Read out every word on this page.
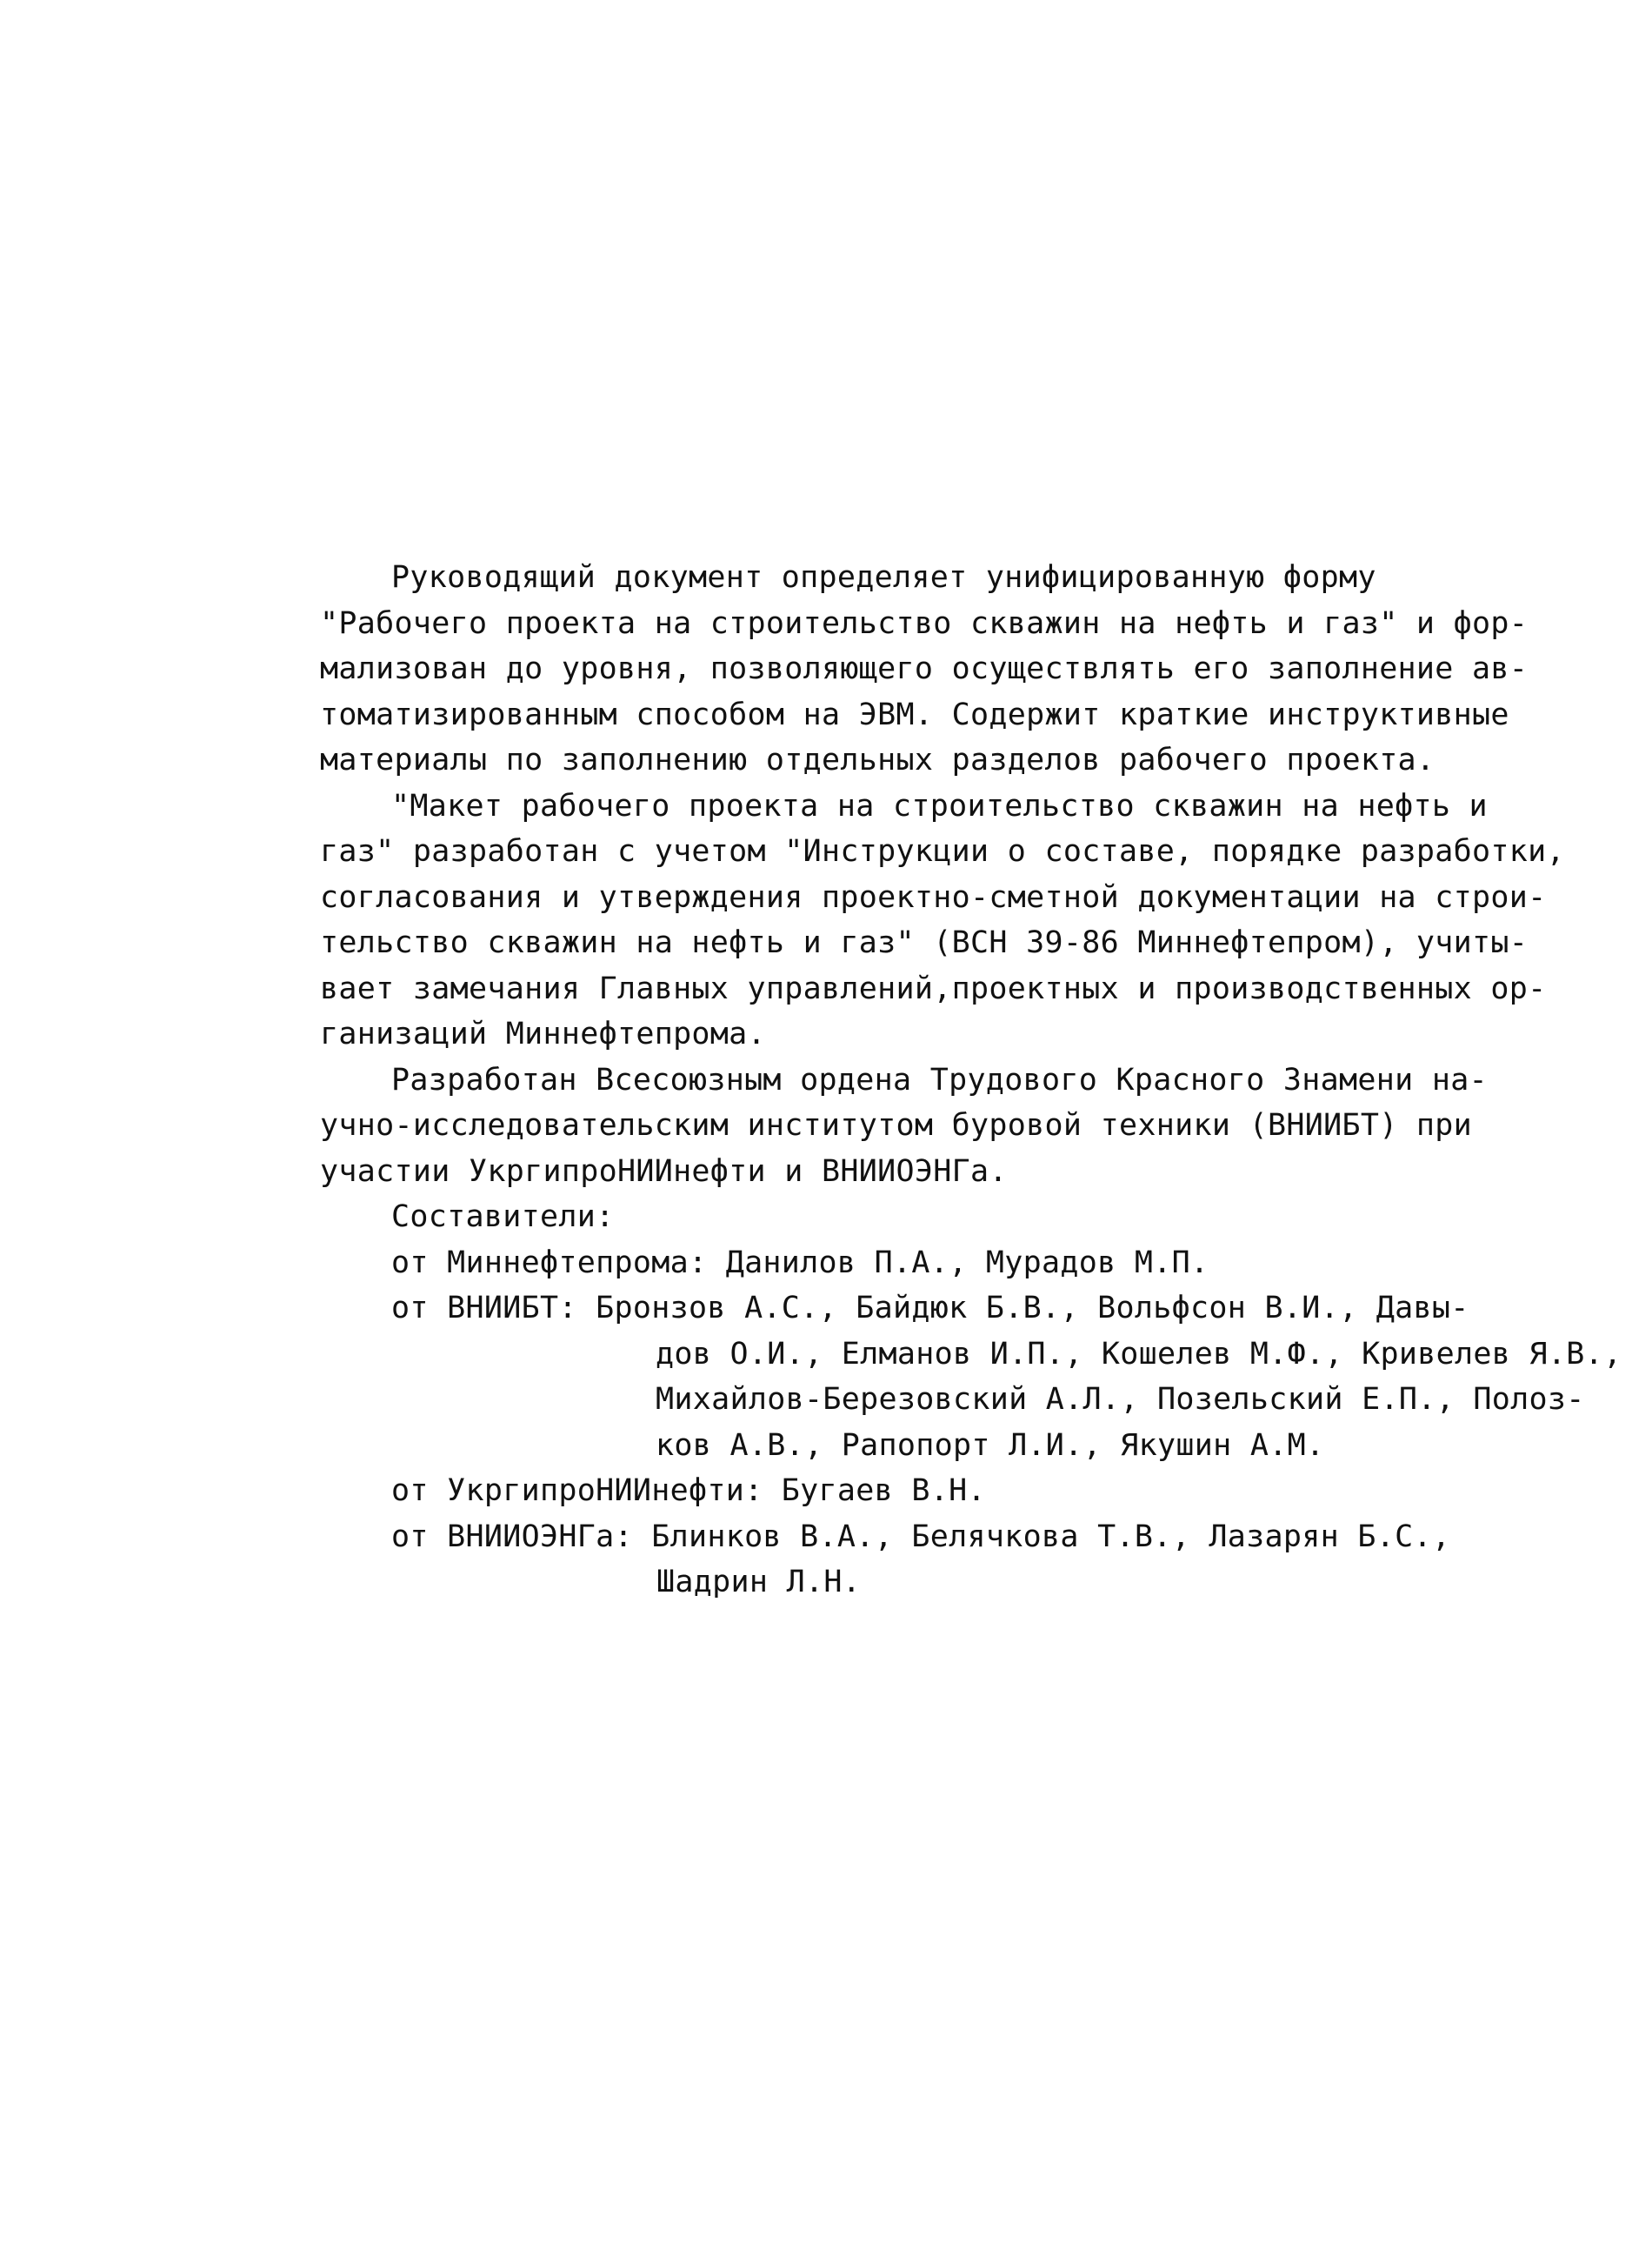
Руководящий документ определяет унифицированную форму
"Рабочего проекта на строительство скважин на нефть и газ" и фор-
мализован до уровня, позволяющего осуществлять его заполнение ав-
томатизированным способом на ЭВМ. Содержит краткие инструктивные
материалы по заполнению отдельных разделов рабочего проекта.
"Макет рабочего проекта на строительство скважин на нефть и
газ" разработан с учетом "Инструкции о составе, порядке разработки,
согласования и утверждения проектно-сметной документации на строи-
тельство скважин на нефть и газ" (ВСН 39-86 Миннефтепром), учиты-
вает замечания Главных управлений,проектных и производственных ор-
ганизаций Миннефтепрома.
Разработан Всесоюзным ордена Трудового Красного Знамени на-
учно-исследовательским институтом буровой техники (ВНИИБТ) при
участии УкргипроНИИнефти и ВНИИОЭНГа.
Составители:
от Миннефтепрома: Данилов П.А., Мурадов М.П.
от ВНИИБТ: Бронзов А.С., Байдюк Б.В., Вольфсон В.И., Давы-
дов О.И., Елманов И.П., Кошелев М.Ф., Кривелев Я.В.,
Михайлов-Березовский А.Л., Позельский Е.П., Полоз-
ков А.В., Рапопорт Л.И., Якушин А.М.
от УкргипроНИИнефти: Бугаев В.Н.
от ВНИИОЭНГа: Блинков В.А., Белячкова Т.В., Лазарян Б.С.,
Шадрин Л.Н.
